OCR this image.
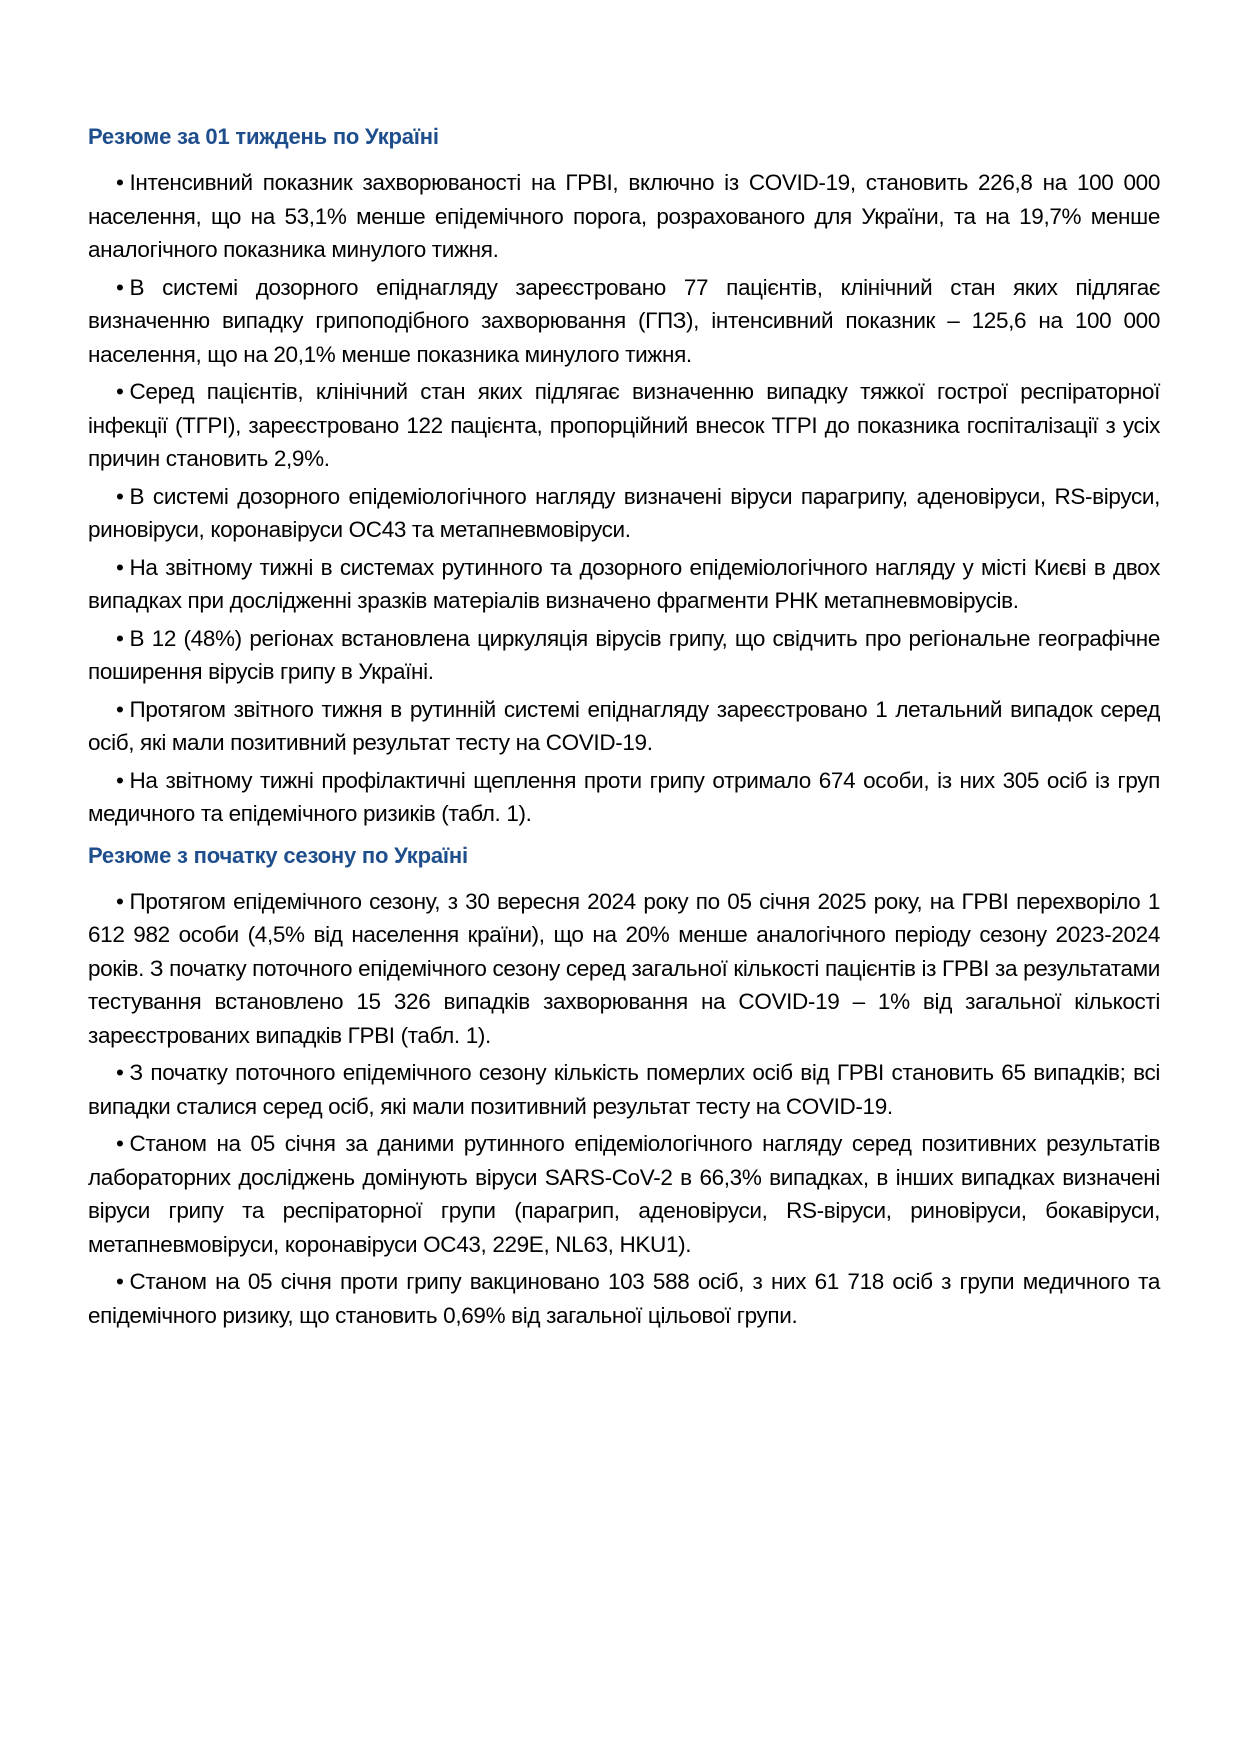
Резюме за 01 тиждень по Україні
• Інтенсивний показник захворюваності на ГРВІ, включно із COVID-19, становить 226,8 на 100 000 населення, що на 53,1% менше епідемічного порога, розрахованого для України, та на 19,7% менше аналогічного показника минулого тижня.
• В системі дозорного епіднагляду зареєстровано 77 пацієнтів, клінічний стан яких підлягає визначенню випадку грипоподібного захворювання (ГПЗ), інтенсивний показник – 125,6 на 100 000 населення, що на 20,1% менше показника минулого тижня.
• Серед пацієнтів, клінічний стан яких підлягає визначенню випадку тяжкої гострої респіраторної інфекції (ТГРІ), зареєстровано 122 пацієнта, пропорційний внесок ТГРІ до показника госпіталізації з усіх причин становить 2,9%.
• В системі дозорного епідеміологічного нагляду визначені віруси парагрипу, аденовіруси, RS-віруси, риновіруси, коронавіруси OC43 та метапневмовіруси.
• На звітному тижні в системах рутинного та дозорного епідеміологічного нагляду у місті Києві в двох випадках при дослідженні зразків матеріалів визначено фрагменти РНК метапневмовірусів.
• В 12 (48%) регіонах встановлена циркуляція вірусів грипу, що свідчить про регіональне географічне поширення вірусів грипу в Україні.
• Протягом звітного тижня в рутинній системі епіднагляду зареєстровано 1 летальний випадок серед осіб, які мали позитивний результат тесту на COVID-19.
• На звітному тижні профілактичні щеплення проти грипу отримало 674 особи, із них 305 осіб із груп медичного та епідемічного ризиків (табл. 1).
Резюме з початку сезону по Україні
• Протягом епідемічного сезону, з 30 вересня 2024 року по 05 січня 2025 року, на ГРВІ перехворіло 1 612 982 особи (4,5% від населення країни), що на 20% менше аналогічного періоду сезону 2023-2024 років. З початку поточного епідемічного сезону серед загальної кількості пацієнтів із ГРВІ за результатами тестування встановлено 15 326 випадків захворювання на COVID-19 – 1% від загальної кількості зареєстрованих випадків ГРВІ (табл. 1).
• З початку поточного епідемічного сезону кількість померлих осіб від ГРВІ становить 65 випадків; всі випадки сталися серед осіб, які мали позитивний результат тесту на COVID-19.
• Станом на 05 січня за даними рутинного епідеміологічного нагляду серед позитивних результатів лабораторних досліджень домінують віруси SARS-CoV-2 в 66,3% випадках, в інших випадках визначені віруси грипу та респіраторної групи (парагрип, аденовіруси, RS-віруси, риновіруси, бокавіруси, метапневмовіруси, коронавіруси OC43, 229E, NL63, HKU1).
• Станом на 05 січня проти грипу вакциновано 103 588 осіб, з них 61 718 осіб з групи медичного та епідемічного ризику, що становить 0,69% від загальної цільової групи.
